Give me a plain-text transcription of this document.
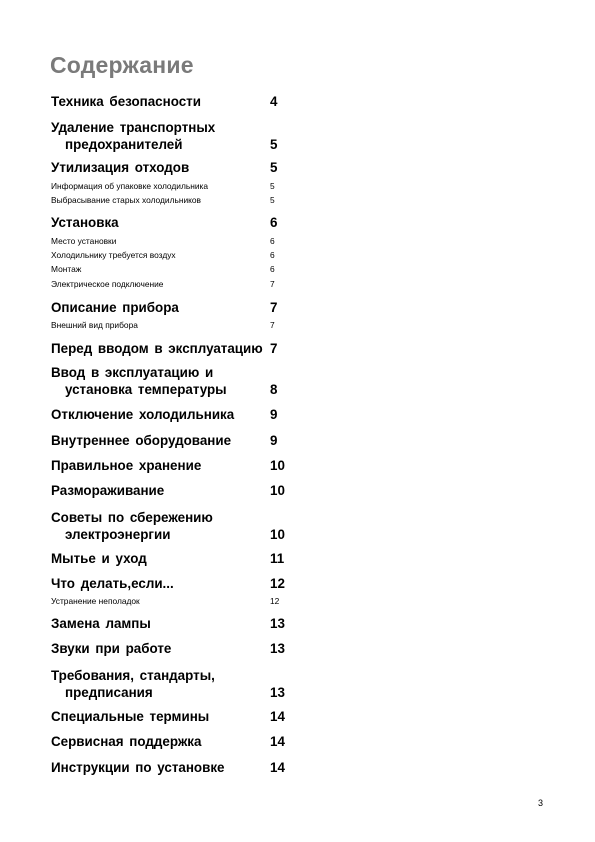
Содержание
Техника безопасности	4
Удаление транспортных
предохранителей	5
Утилизация отходов	5
Информация об упаковке холодильника	5
Выбрасывание старых холодильников	5
Установка	6
Место установки	6
Холодильнику требуется воздух	6
Монтаж	6
Электрическое подключение	7
Описание прибора	7
Внешний вид прибора	7
Перед вводом в эксплуатацию 7
Ввод в эксплуатацию и
установка температуры	8
Отключение холодильника	9
Внутреннее оборудование	9
Правильное хранение	10
Размораживание	10
Советы по сбережению
электроэнергии	10
Мытье и уход	11
Что делать,если...	12
Устранение неполадок	12
Замена лампы	13
Звуки при работе	13
Требования, стандарты,
предписания	13
Специальные термины	14
Сервисная поддержка	14
Инструкции по установке	14
3
